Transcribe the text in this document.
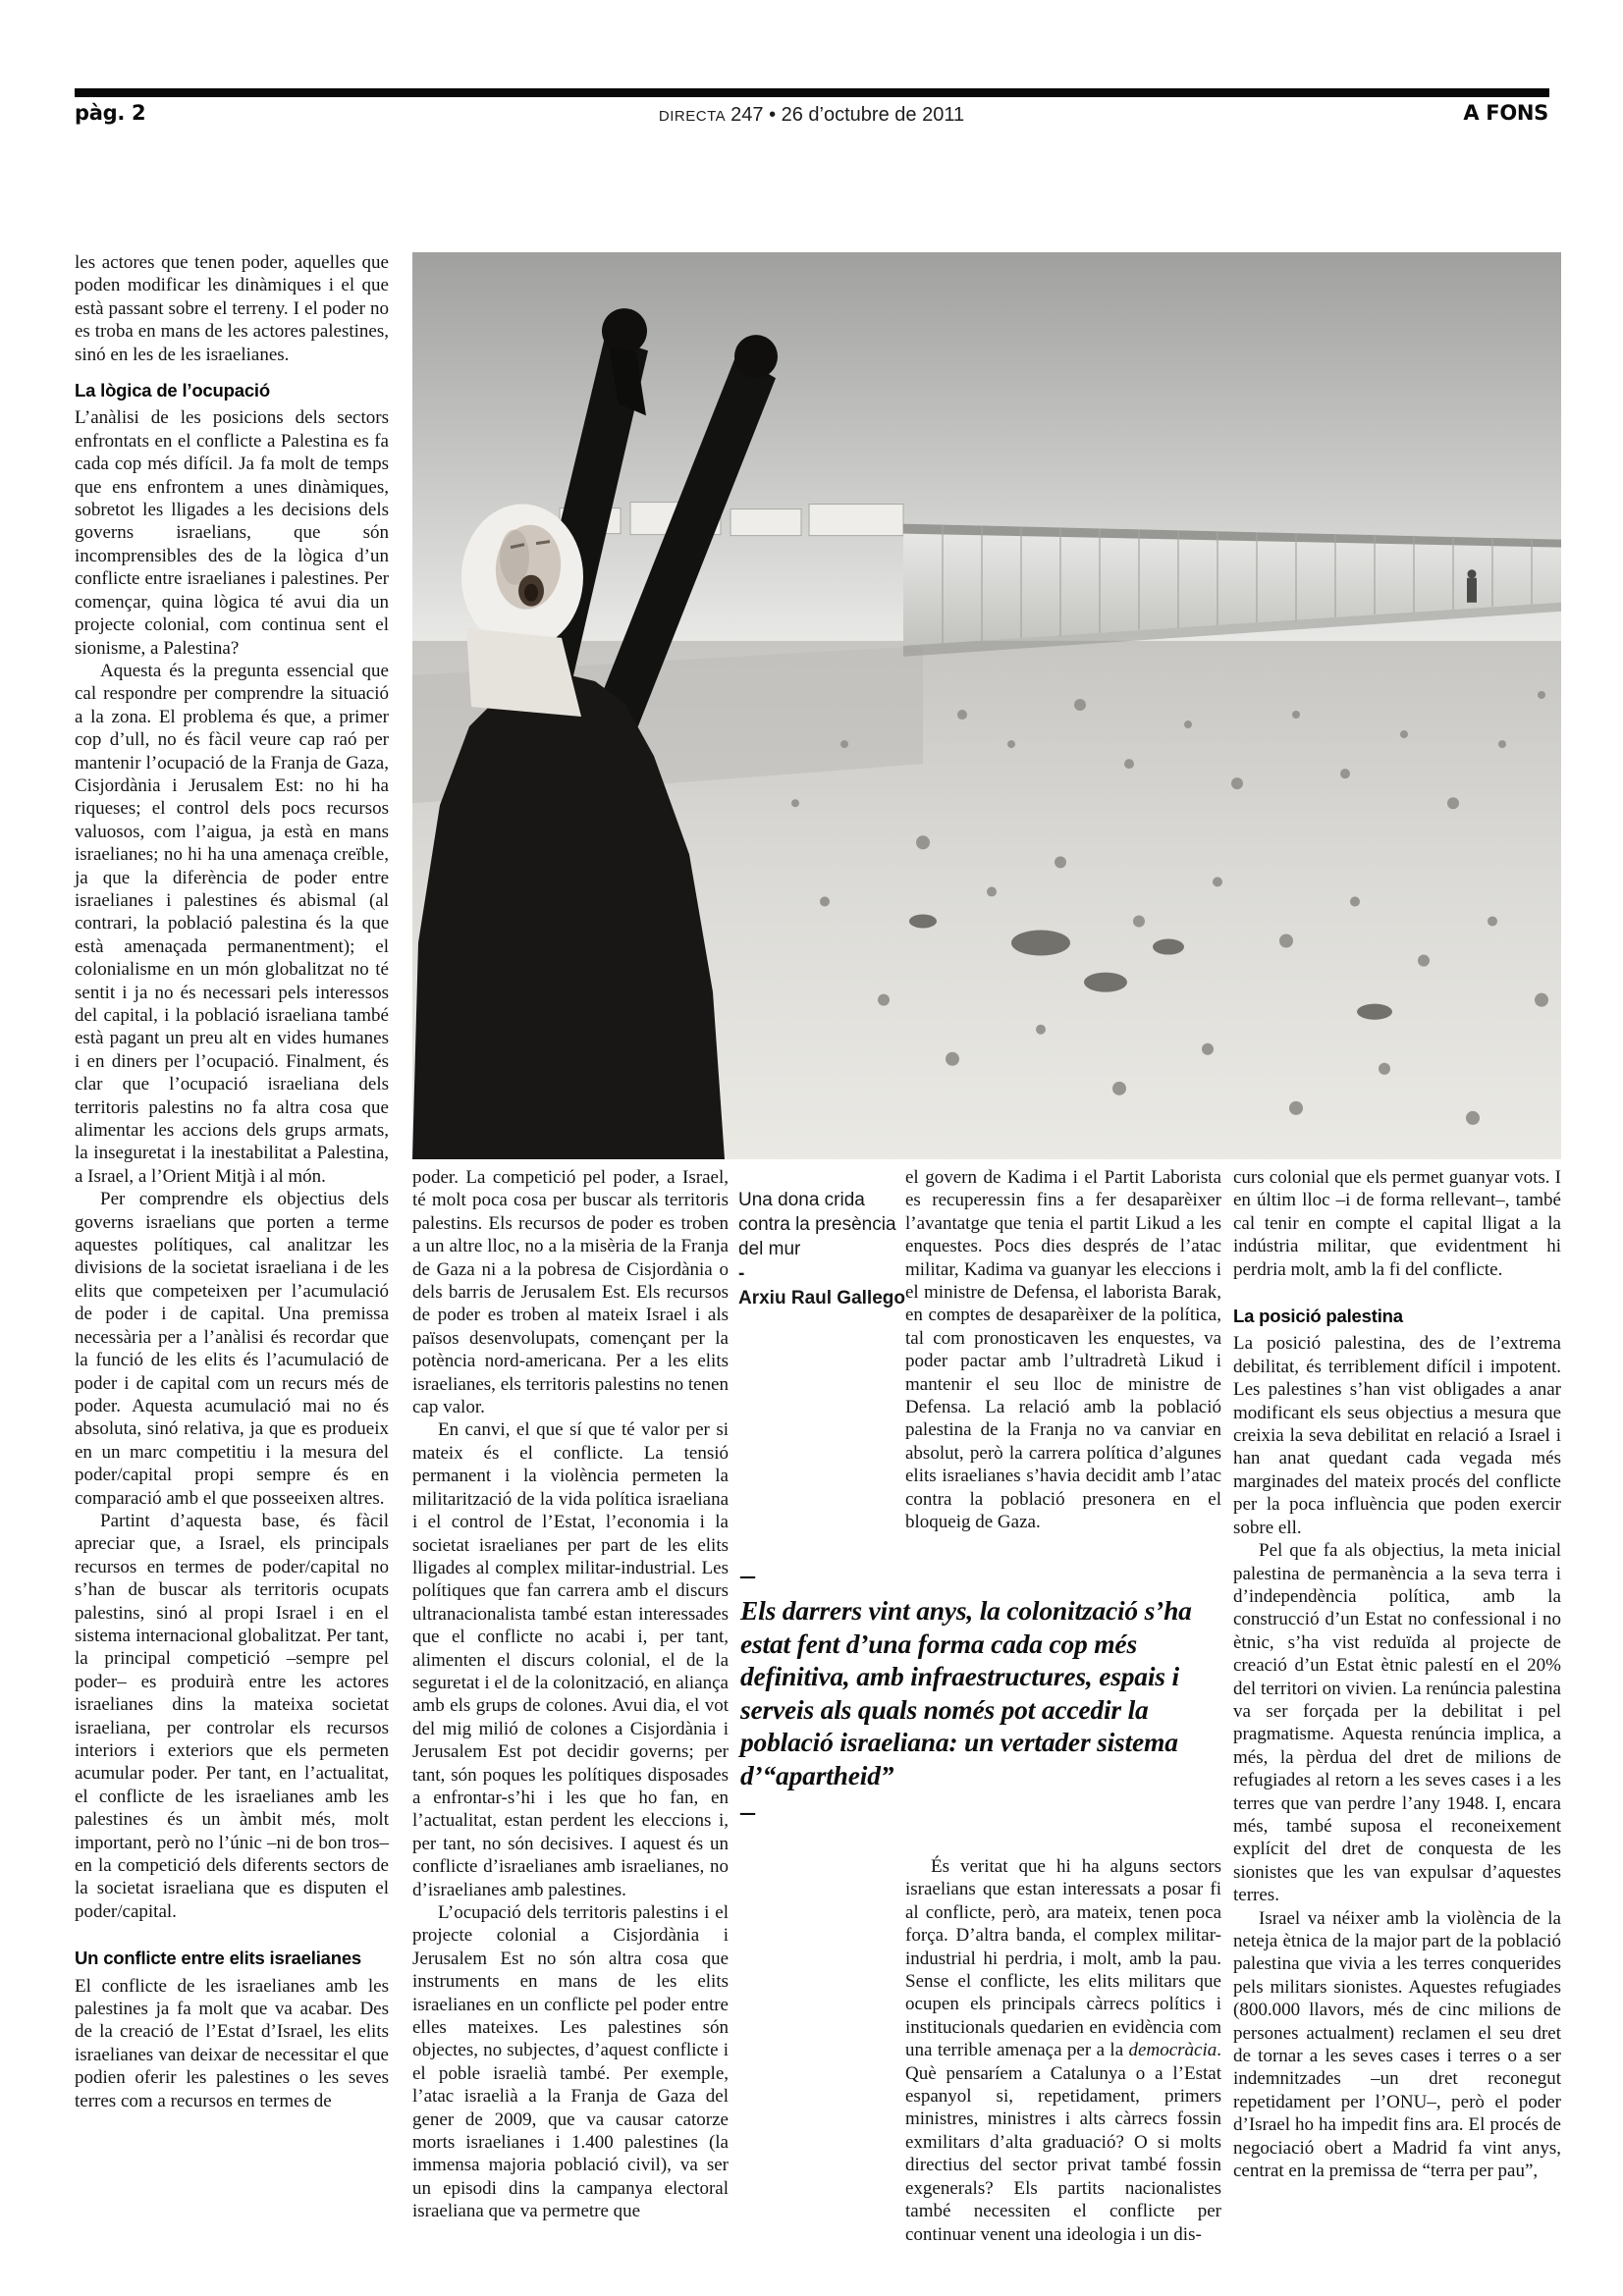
pàg. 2	DIRECTA 247 • 26 d’octubre de 2011	A FONS

les actores que tenen poder, aquelles que poden modificar les dinàmiques i el que està passant sobre el terreny. I el poder no es troba en mans de les actores palestines, sinó en les de les israelianes.

La lògica de l’ocupació

L’anàlisi de les posicions dels sectors enfrontats en el conflicte a Palestina es fa cada cop més difícil. Ja fa molt de temps que ens enfrontem a unes dinàmiques, sobretot les lligades a les decisions dels governs israelians, que són incomprensibles des de la lògica d’un conflicte entre israelianes i palestines. Per començar, quina lògica té avui dia un projecte colonial, com continua sent el sionisme, a Palestina?

Aquesta és la pregunta essencial que cal respondre per comprendre la situació a la zona. El problema és que, a primer cop d’ull, no és fàcil veure cap raó per mantenir l’ocupació de la Franja de Gaza, Cisjordània i Jerusalem Est: no hi ha riqueses; el control dels pocs recursos valuosos, com l’aigua, ja està en mans israelianes; no hi ha una amenaça creïble, ja que la diferència de poder entre israelianes i palestines és abismal (al contrari, la població palestina és la que està amenaçada permanentment); el colonialisme en un món globalitzat no té sentit i ja no és necessari pels interessos del capital, i la població israeliana també està pagant un preu alt en vides humanes i en diners per l’ocupació. Finalment, és clar que l’ocupació israeliana dels territoris palestins no fa altra cosa que alimentar les accions dels grups armats, la inseguretat i la inestabilitat a Palestina, a Israel, a l’Orient Mitjà i al món.

Per comprendre els objectius dels governs israelians que porten a terme aquestes polítiques, cal analitzar les divisions de la societat israeliana i de les elits que competeixen per l’acumulació de poder i de capital. Una premissa necessària per a l’anàlisi és recordar que la funció de les elits és l’acumulació de poder i de capital com un recurs més de poder. Aquesta acumulació mai no és absoluta, sinó relativa, ja que es produeix en un marc competitiu i la mesura del poder/capital propi sempre és en comparació amb el que posseeixen altres.

Partint d’aquesta base, és fàcil apreciar que, a Israel, els principals recursos en termes de poder/capital no s’han de buscar als territoris ocupats palestins, sinó al propi Israel i en el sistema internacional globalitzat. Per tant, la principal competició –sempre pel poder– es produirà entre les actores israelianes dins la mateixa societat israeliana, per controlar els recursos interiors i exteriors que els permeten acumular poder. Per tant, en l’actualitat, el conflicte de les israelianes amb les palestines és un àmbit més, molt important, però no l’únic –ni de bon tros– en la competició dels diferents sectors de la societat israeliana que es disputen el poder/capital.

Un conflicte entre elits israelianes

El conflicte de les israelianes amb les palestines ja fa molt que va acabar. Des de la creació de l’Estat d’Israel, les elits israelianes van deixar de necessitar el que podien oferir les palestines o les seves terres com a recursos en termes de

Una dona crida contra la presència del mur
-
Arxiu Raul Gallego

poder. La competició pel poder, a Israel, té molt poca cosa per buscar als territoris palestins. Els recursos de poder es troben a un altre lloc, no a la misèria de la Franja de Gaza ni a la pobresa de Cisjordània o dels barris de Jerusalem Est. Els recursos de poder es troben al mateix Israel i als països desenvolupats, començant per la potència nord-americana. Per a les elits israelianes, els territoris palestins no tenen cap valor.

En canvi, el que sí que té valor per si mateix és el conflicte. La tensió permanent i la violència permeten la militarització de la vida política israeliana i el control de l’Estat, l’economia i la societat israelianes per part de les elits lligades al complex militar-industrial. Les polítiques que fan carrera amb el discurs ultranacionalista també estan interessades que el conflicte no acabi i, per tant, alimenten el discurs colonial, el de la seguretat i el de la colonització, en aliança amb els grups de colones. Avui dia, el vot del mig milió de colones a Cisjordània i Jerusalem Est pot decidir governs; per tant, són poques les polítiques disposades a enfrontar-s’hi i les que ho fan, en l’actualitat, estan perdent les eleccions i, per tant, no són decisives. I aquest és un conflicte d’israelianes amb israelianes, no d’israelianes amb palestines.

L’ocupació dels territoris palestins i el projecte colonial a Cisjordània i Jerusalem Est no són altra cosa que instruments en mans de les elits israelianes en un conflicte pel poder entre elles mateixes. Les palestines són objectes, no subjectes, d’aquest conflicte i el poble israelià també. Per exemple, l’atac israelià a la Franja de Gaza del gener de 2009, que va causar catorze morts israelianes i 1.400 palestines (la immensa majoria població civil), va ser un episodi dins la campanya electoral israeliana que va permetre que

el govern de Kadima i el Partit Laborista es recuperessin fins a fer desaparèixer l’avantatge que tenia el partit Likud a les enquestes. Pocs dies després de l’atac militar, Kadima va guanyar les eleccions i el ministre de Defensa, el laborista Barak, en comptes de desaparèixer de la política, tal com pronosticaven les enquestes, va poder pactar amb l’ultradretà Likud i mantenir el seu lloc de ministre de Defensa. La relació amb la població palestina de la Franja no va canviar en absolut, però la carrera política d’algunes elits israelianes s’havia decidit amb l’atac contra la població presonera en el bloqueig de Gaza.

–
Els darrers vint anys, la colonització s’ha estat fent d’una forma cada cop més definitiva, amb infraestructures, espais i serveis als quals només pot accedir la població israeliana: un vertader sistema d’“apartheid”
–

És veritat que hi ha alguns sectors israelians que estan interessats a posar fi al conflicte, però, ara mateix, tenen poca força. D’altra banda, el complex militar-industrial hi perdria, i molt, amb la pau. Sense el conflicte, les elits militars que ocupen els principals càrrecs polítics i institucionals quedarien en evidència com una terrible amenaça per a la democràcia. Què pensaríem a Catalunya o a l’Estat espanyol si, repetidament, primers ministres, ministres i alts càrrecs fossin exmilitars d’alta graduació? O si molts directius del sector privat també fossin exgenerals? Els partits nacionalistes també necessiten el conflicte per continuar venent una ideologia i un dis-

curs colonial que els permet guanyar vots. I en últim lloc –i de forma rellevant–, també cal tenir en compte el capital lligat a la indústria militar, que evidentment hi perdria molt, amb la fi del conflicte.

La posició palestina

La posició palestina, des de l’extrema debilitat, és terriblement difícil i impotent. Les palestines s’han vist obligades a anar modificant els seus objectius a mesura que creixia la seva debilitat en relació a Israel i han anat quedant cada vegada més marginades del mateix procés del conflicte per la poca influència que poden exercir sobre ell.

Pel que fa als objectius, la meta inicial palestina de permanència a la seva terra i d’independència política, amb la construcció d’un Estat no confessional i no ètnic, s’ha vist reduïda al projecte de creació d’un Estat ètnic palestí en el 20% del territori on vivien. La renúncia palestina va ser forçada per la debilitat i pel pragmatisme. Aquesta renúncia implica, a més, la pèrdua del dret de milions de refugiades al retorn a les seves cases i a les terres que van perdre l’any 1948. I, encara més, també suposa el reconeixement explícit del dret de conquesta de les sionistes que les van expulsar d’aquestes terres.

Israel va néixer amb la violència de la neteja ètnica de la major part de la població palestina que vivia a les terres conquerides pels militars sionistes. Aquestes refugiades (800.000 llavors, més de cinc milions de persones actualment) reclamen el seu dret de tornar a les seves cases i terres o a ser indemnitzades –un dret reconegut repetidament per l’ONU–, però el poder d’Israel ho ha impedit fins ara. El procés de negociació obert a Madrid fa vint anys, centrat en la premissa de “terra per pau”,
